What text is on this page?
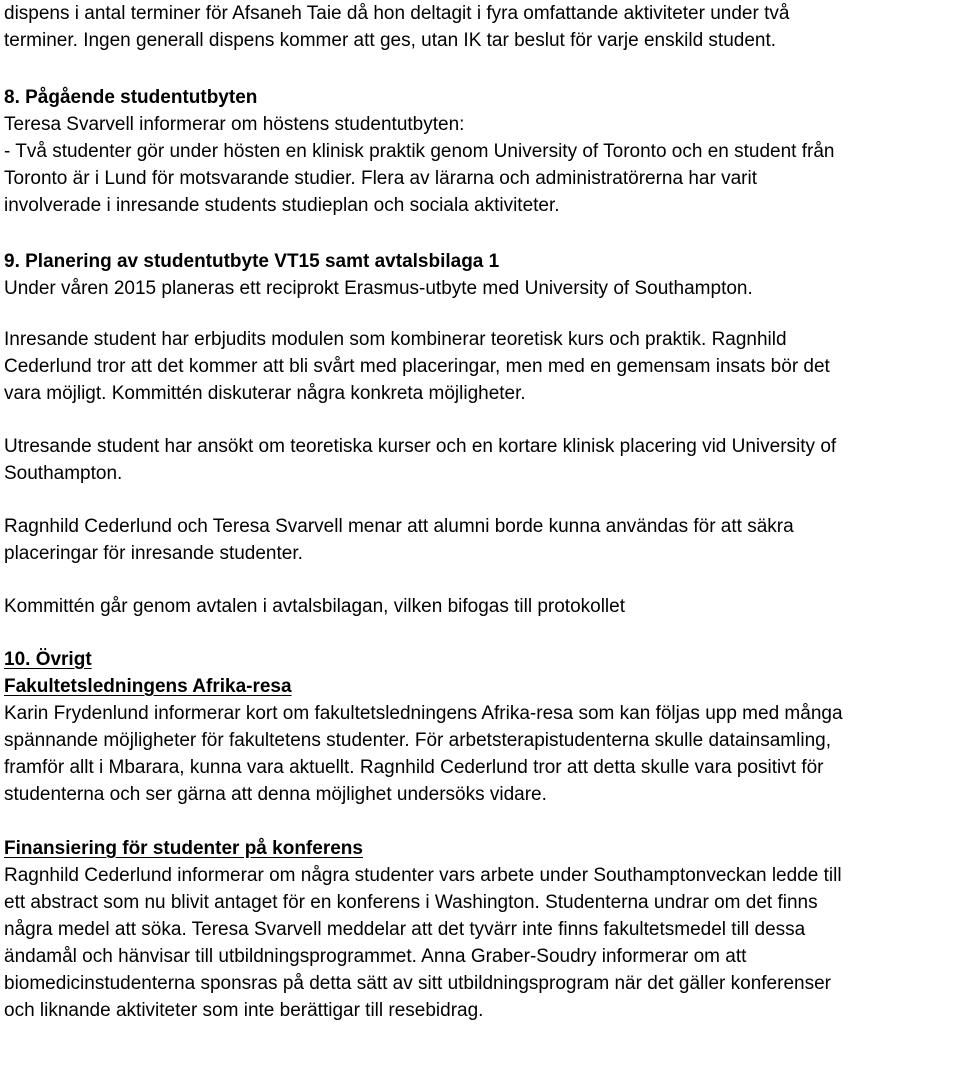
dispens i antal terminer för Afsaneh Taie då hon deltagit i fyra omfattande aktiviteter under två
terminer. Ingen generall dispens kommer att ges, utan IK tar beslut för varje enskild student.
8. Pågående studentutbyten
Teresa Svarvell informerar om höstens studentutbyten:
- Två studenter gör under hösten en klinisk praktik genom University of Toronto och en student från
Toronto är i Lund för motsvarande studier. Flera av lärarna och administratörerna har varit
involverade i inresande students studieplan och sociala aktiviteter.
9. Planering av studentutbyte VT15 samt avtalsbilaga 1
Under våren 2015 planeras ett reciprokt Erasmus-utbyte med University of Southampton.
Inresande student har erbjudits modulen som kombinerar teoretisk kurs och praktik. Ragnhild
Cederlund tror att det kommer att bli svårt med placeringar, men med en gemensam insats bör det
vara möjligt. Kommittén diskuterar några konkreta möjligheter.
Utresande student har ansökt om teoretiska kurser och en kortare klinisk placering vid University of
Southampton.
Ragnhild Cederlund och Teresa Svarvell menar att alumni borde kunna användas för att säkra
placeringar för inresande studenter.
Kommittén går genom avtalen i avtalsbilagan, vilken bifogas till protokollet
10. Övrigt
Fakultetsledningens Afrika-resa
Karin Frydenlund informerar kort om fakultetsledningens Afrika-resa som kan följas upp med många
spännande möjligheter för fakultetens studenter. För arbetsterapistudenterna skulle datainsamling,
framför allt i Mbarara, kunna vara aktuellt. Ragnhild Cederlund tror att detta skulle vara positivt för
studenterna och ser gärna att denna möjlighet undersöks vidare.
Finansiering för studenter på konferens
Ragnhild Cederlund informerar om några studenter vars arbete under Southamptonveckan ledde till
ett abstract som nu blivit antaget för en konferens i Washington. Studenterna undrar om det finns
några medel att söka. Teresa Svarvell meddelar att det tyvärr inte finns fakultetsmedel till dessa
ändamål och hänvisar till utbildningsprogrammet. Anna Graber-Soudry informerar om att
biomedicinstudenterna sponsras på detta sätt av sitt utbildningsprogram när det gäller konferenser
och liknande aktiviteter som inte berättigar till resebidrag.
